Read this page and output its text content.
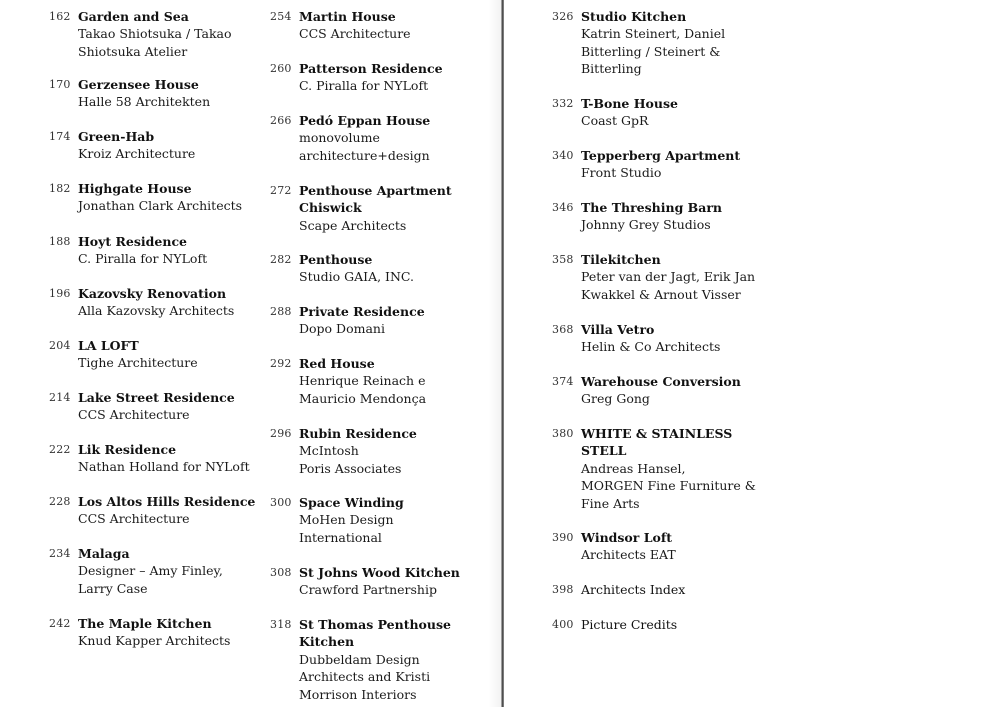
162 Garden and Sea
Takao Shiotsuka / Takao
Shiotsuka Atelier
170 Gerzensee House
Halle 58 Architekten
174 Green-Hab
Kroiz Architecture
182 Highgate House
Jonathan Clark Architects
188 Hoyt Residence
C. Piralla for NYLoft
196 Kazovsky Renovation
Alla Kazovsky Architects
204 LA LOFT
Tighe Architecture
214 Lake Street Residence
CCS Architecture
222 Lik Residence
Nathan Holland for NYLoft
228 Los Altos Hills Residence
CCS Architecture
234 Malaga
Designer – Amy Finley,
Larry Case
242 The Maple Kitchen
Knud Kapper Architects
254 Martin House
CCS Architecture
260 Patterson Residence
C. Piralla for NYLoft
266 Pedó Eppan House
monovolume
architecture+design
272 Penthouse Apartment
Chiswick
Scape Architects
282 Penthouse
Studio GAIA, INC.
288 Private Residence
Dopo Domani
292 Red House
Henrique Reinach e
Mauricio Mendonça
296 Rubin Residence
McIntosh
Poris Associates
300 Space Winding
MoHen Design
International
308 St Johns Wood Kitchen
Crawford Partnership
318 St Thomas Penthouse
Kitchen
Dubbeldam Design
Architects and Kristi
Morrison Interiors
326 Studio Kitchen
Katrin Steinert, Daniel
Bitterling / Steinert &
Bitterling
332 T-Bone House
Coast GpR
340 Tepperberg Apartment
Front Studio
346 The Threshing Barn
Johnny Grey Studios
358 Tilekitchen
Peter van der Jagt, Erik Jan
Kwakkel & Arnout Visser
368 Villa Vetro
Helin & Co Architects
374 Warehouse Conversion
Greg Gong
380 WHITE & STAINLESS
STELL
Andreas Hansel,
MORGEN Fine Furniture &
Fine Arts
390 Windsor Loft
Architects EAT
398 Architects Index
400 Picture Credits
